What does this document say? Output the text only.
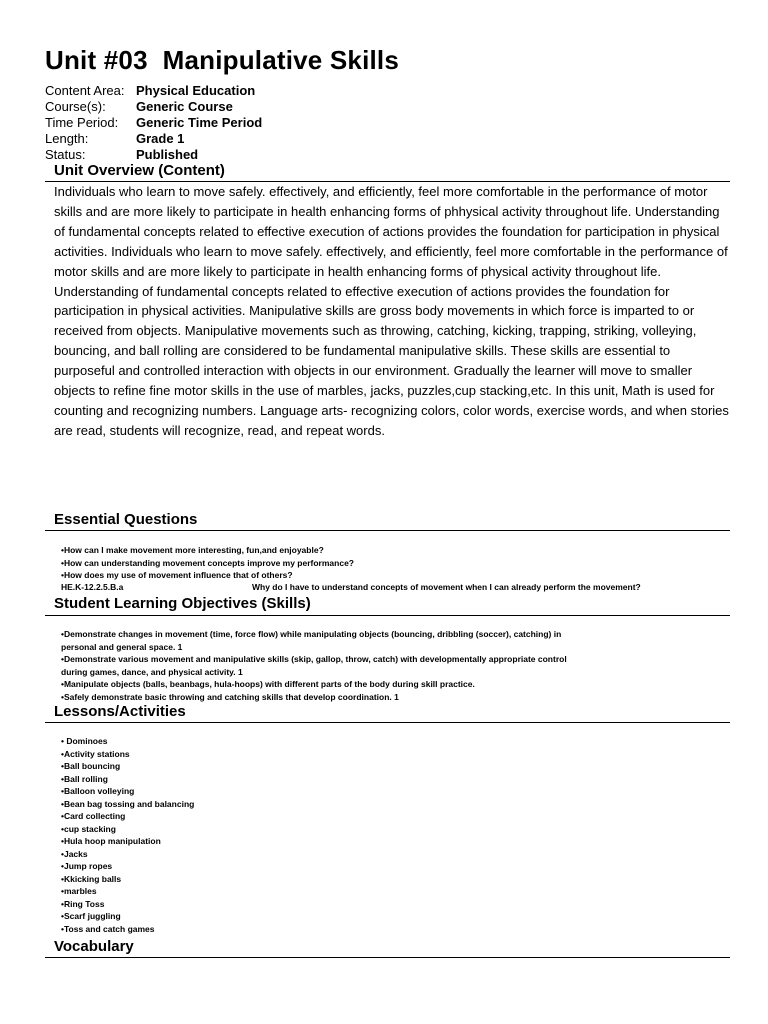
Unit #03  Manipulative Skills
Content Area: Physical Education
Course(s):	Generic Course
Time Period:	Generic Time Period
Length:	Grade 1
Status:	Published
Unit Overview (Content)
Individuals who learn to move safely. effectively, and efficiently, feel more comfortable in the performance of motor skills and are more likely to participate in health enhancing forms of phhysical activity throughout life. Understanding of fundamental concepts related to effective execution of actions provides the foundation for participation in physical activities. Individuals who learn to move safely. effectively, and efficiently, feel more comfortable in the performance of motor skills and are more likely to participate in health enhancing forms of physical activity throughout life. Understanding of fundamental concepts related to effective execution of actions provides the foundation for participation in physical activities. Manipulative skills are gross body movements in which force is imparted to or received from objects. Manipulative movements such as throwing, catching, kicking, trapping, striking, volleying, bouncing, and ball rolling are considered to be fundamental manipulative skills. These skills are essential to purposeful and controlled interaction with objects in our environment. Gradually the learner will move to smaller objects to refine fine motor skills in the use of marbles, jacks, puzzles,cup stacking,etc. In this unit, Math is used for counting and recognizing numbers. Language arts- recognizing colors, color words, exercise words, and when stories are read, students will recognize, read, and repeat words.
Essential Questions
•How can I make movement more interesting, fun,and enjoyable?
•How can understanding movement concepts improve my performance?
•How does my use of movement influence that of others?
HE.K-12.2.5.B.a	Why do I have to understand concepts of movement when I can already perform the movement?
Student Learning Objectives (Skills)
•Demonstrate changes in movement (time, force flow) while manipulating objects (bouncing, dribbling (soccer), catching) in
personal and general space. 1
•Demonstrate various movement and manipulative skills (skip, gallop, throw, catch) with developmentally appropriate control
during games, dance, and physical activity. 1
•Manipulate objects (balls, beanbags, hula-hoops) with different parts of the body during skill practice.
•Safely demonstrate basic throwing and catching skills that develop coordination. 1
Lessons/Activities
• Dominoes
•Activity stations
•Ball bouncing
•Ball rolling
•Balloon volleying
•Bean bag tossing and balancing
•Card collecting
•cup stacking
•Hula hoop manipulation
•Jacks
•Jump ropes
•Kkicking balls
•marbles
•Ring Toss
•Scarf juggling
•Toss and catch games
Vocabulary
